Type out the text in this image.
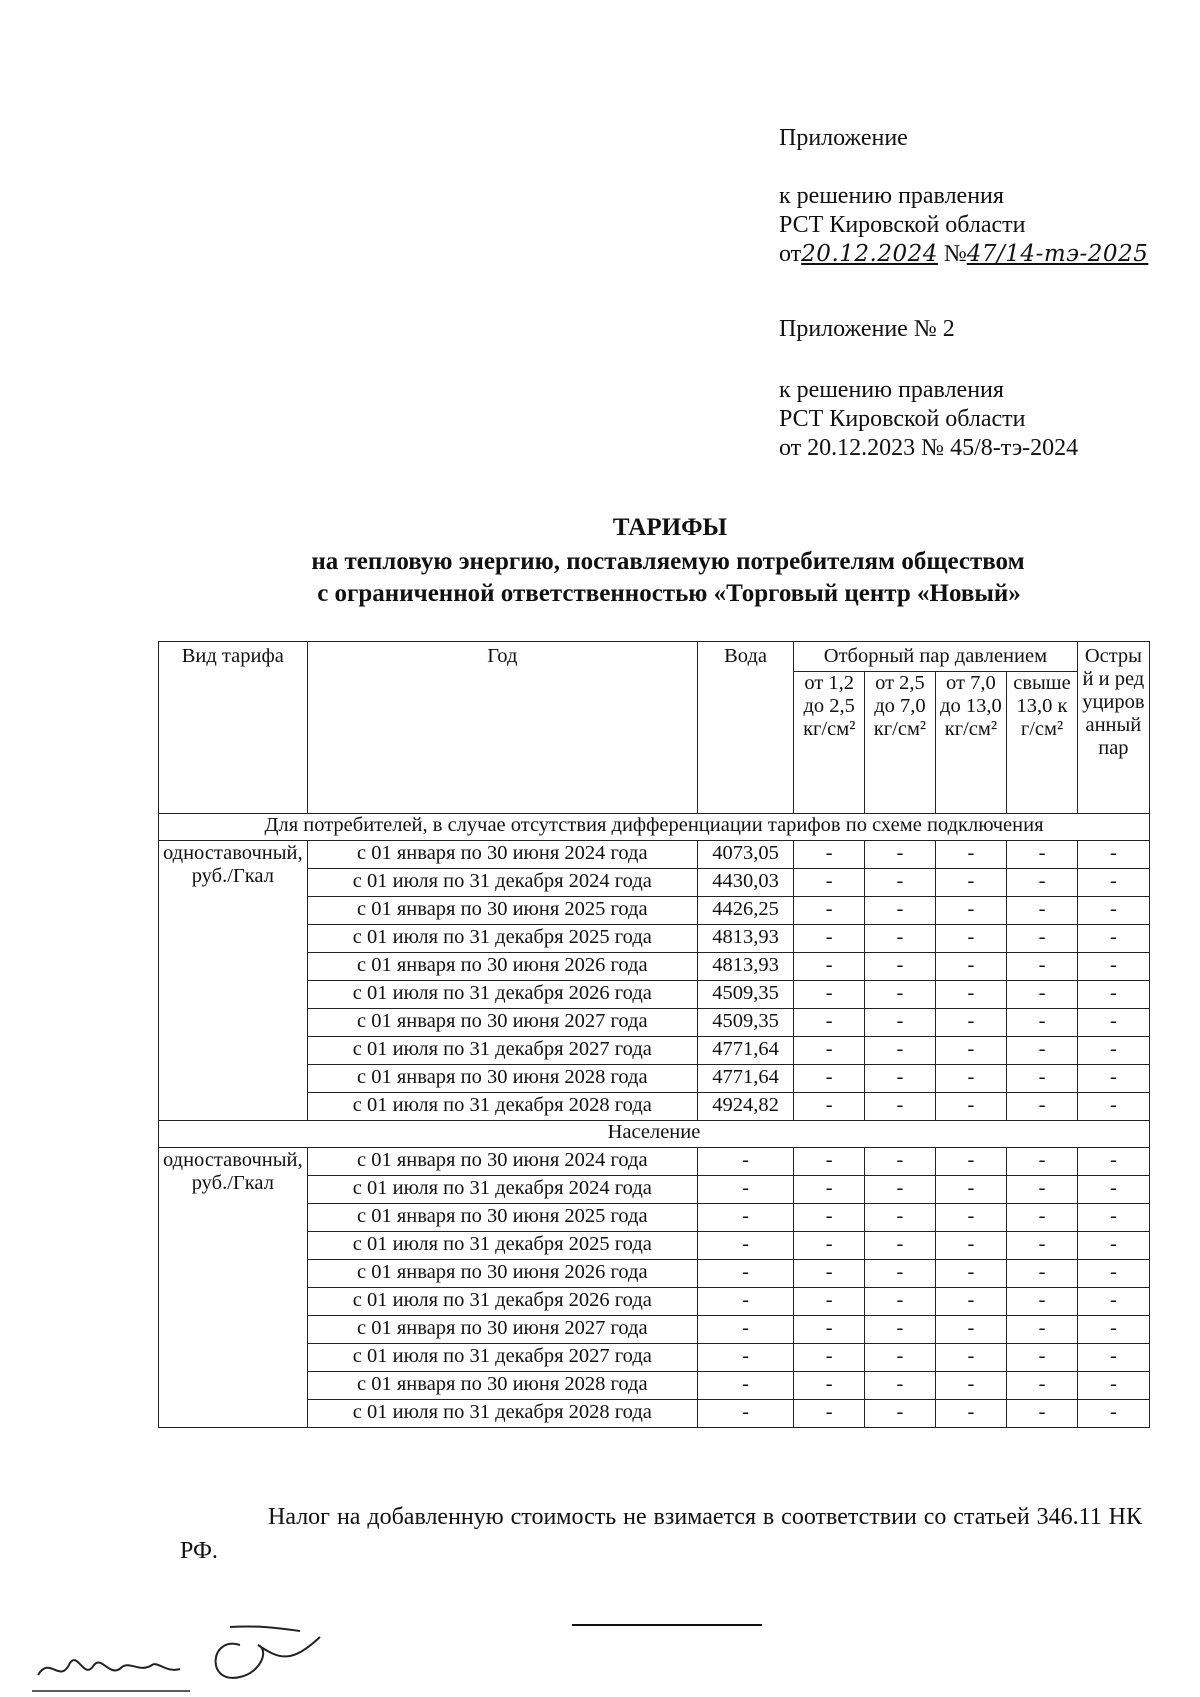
Приложение
к решению правления
РСТ Кировской области
от20.12.2024 №47/14-тэ-2025
Приложение № 2
к решению правления
РСТ Кировской области
от 20.12.2023 № 45/8-тэ-2024
ТАРИФЫ
на тепловую энергию, поставляемую потребителям обществом
с ограниченной ответственностью «Торговый центр «Новый»
Вид тарифа	Год	Вода	Отборный пар давлением				Острый и редуцированный пар
			от 1,2 до 2,5 кг/см²	от 2,5 до 7,0 кг/см²	от 7,0 до 13,0 кг/см²	свыше 13,0 кг/см²	
Для потребителей, в случае отсутствия дифференциации тарифов по схеме подключения							
одноставочный, руб./Гкал	с 01 января по 30 июня 2024 года	4073,05	-	-	-	-	-
	с 01 июля по 31 декабря 2024 года	4430,03	-	-	-	-	-
	с 01 января по 30 июня 2025 года	4426,25	-	-	-	-	-
	с 01 июля по 31 декабря 2025 года	4813,93	-	-	-	-	-
	с 01 января по 30 июня 2026 года	4813,93	-	-	-	-	-
	с 01 июля по 31 декабря 2026 года	4509,35	-	-	-	-	-
	с 01 января по 30 июня 2027 года	4509,35	-	-	-	-	-
	с 01 июля по 31 декабря 2027 года	4771,64	-	-	-	-	-
	с 01 января по 30 июня 2028 года	4771,64	-	-	-	-	-
	с 01 июля по 31 декабря 2028 года	4924,82	-	-	-	-	-
Население							
одноставочный, руб./Гкал	с 01 января по 30 июня 2024 года	-	-	-	-	-	-
	с 01 июля по 31 декабря 2024 года	-	-	-	-	-	-
	с 01 января по 30 июня 2025 года	-	-	-	-	-	-
	с 01 июля по 31 декабря 2025 года	-	-	-	-	-	-
	с 01 января по 30 июня 2026 года	-	-	-	-	-	-
	с 01 июля по 31 декабря 2026 года	-	-	-	-	-	-
	с 01 января по 30 июня 2027 года	-	-	-	-	-	-
	с 01 июля по 31 декабря 2027 года	-	-	-	-	-	-
	с 01 января по 30 июня 2028 года	-	-	-	-	-	-
	с 01 июля по 31 декабря 2028 года	-	-	-	-	-	-
Налог на добавленную стоимость не взимается в соответствии со статьей 346.11 НК РФ.
